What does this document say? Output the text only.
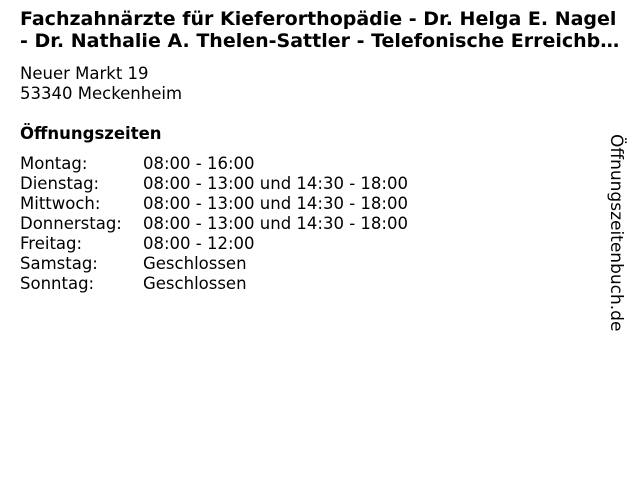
Fachzahnärzte für Kieferorthopädie - Dr. Helga E. Nagel - Dr. Nathalie A. Thelen-Sattler - Telefonische Erreichba
Neuer Markt 19
53340 Meckenheim
Öffnungszeiten
Montag:	08:00 - 16:00
Dienstag:	08:00 - 13:00 und 14:30 - 18:00
Mittwoch:	08:00 - 13:00 und 14:30 - 18:00
Donnerstag:	08:00 - 13:00 und 14:30 - 18:00
Freitag:	08:00 - 12:00
Samstag:	Geschlossen
Sonntag:	Geschlossen	Öffnungszeitenbuch.de
